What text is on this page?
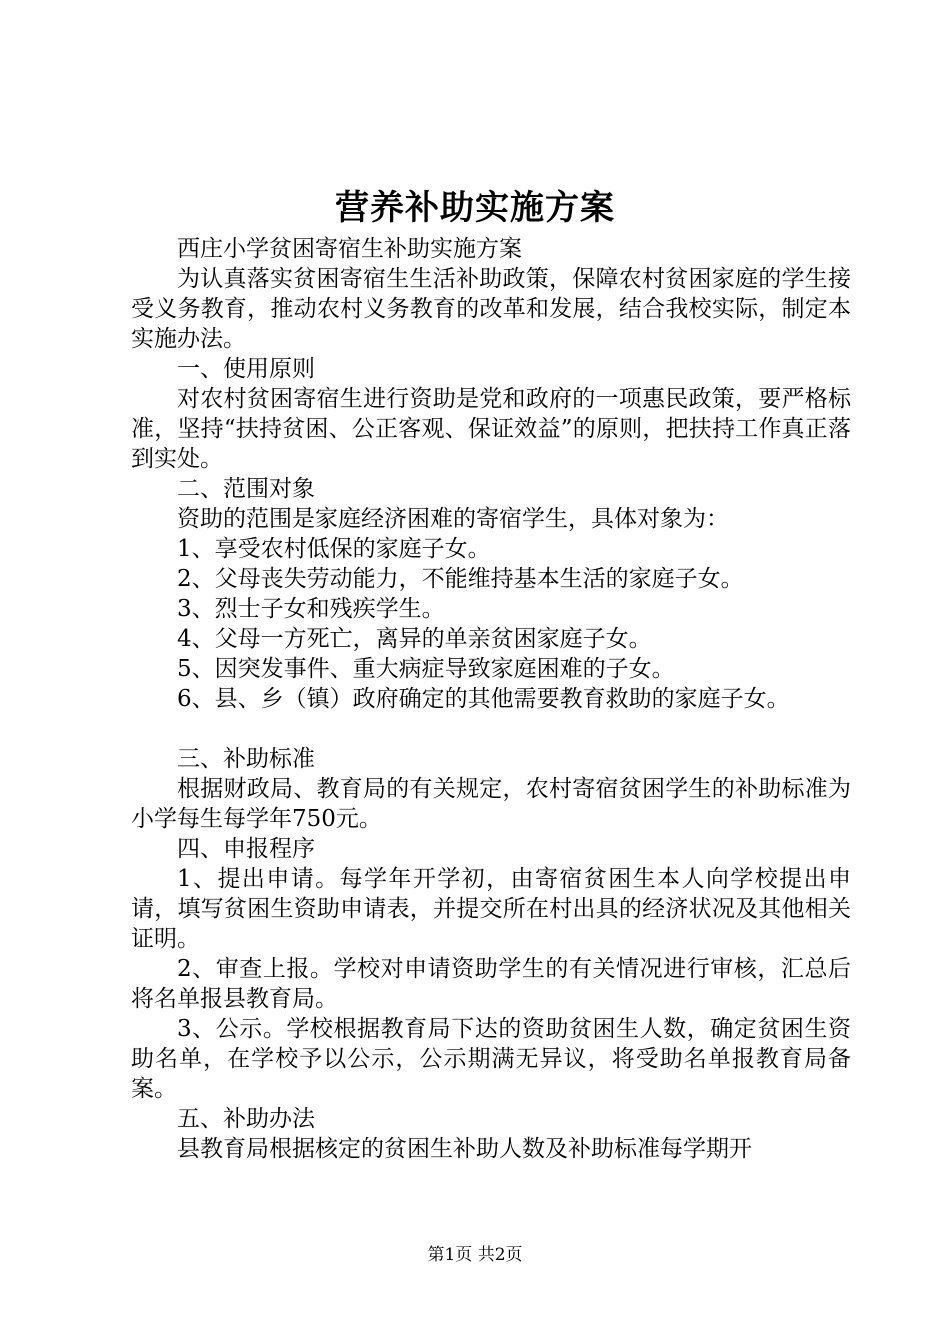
营养补助实施方案

西庄小学贫困寄宿生补助实施方案

为认真落实贫困寄宿生生活补助政策，保障农村贫困家庭的学生接受义务教育，推动农村义务教育的改革和发展，结合我校实际，制定本实施办法。

一、使用原则

对农村贫困寄宿生进行资助是党和政府的一项惠民政策，要严格标准，坚持“扶持贫困、公正客观、保证效益”的原则，把扶持工作真正落到实处。

二、范围对象

资助的范围是家庭经济困难的寄宿学生，具体对象为：

1、享受农村低保的家庭子女。

2、父母丧失劳动能力，不能维持基本生活的家庭子女。

3、烈士子女和残疾学生。

4、父母一方死亡，离异的单亲贫困家庭子女。

5、因突发事件、重大病症导致家庭困难的子女。

6、县、乡（镇）政府确定的其他需要教育救助的家庭子女。

三、补助标准

根据财政局、教育局的有关规定，农村寄宿贫困学生的补助标准为小学每生每学年750元。

四、申报程序

1、提出申请。每学年开学初，由寄宿贫困生本人向学校提出申请，填写贫困生资助申请表，并提交所在村出具的经济状况及其他相关证明。

2、审查上报。学校对申请资助学生的有关情况进行审核，汇总后将名单报县教育局。

3、公示。学校根据教育局下达的资助贫困生人数，确定贫困生资助名单，在学校予以公示，公示期满无异议，将受助名单报教育局备案。

五、补助办法

县教育局根据核定的贫困生补助人数及补助标准每学期开

第1页 共2页
